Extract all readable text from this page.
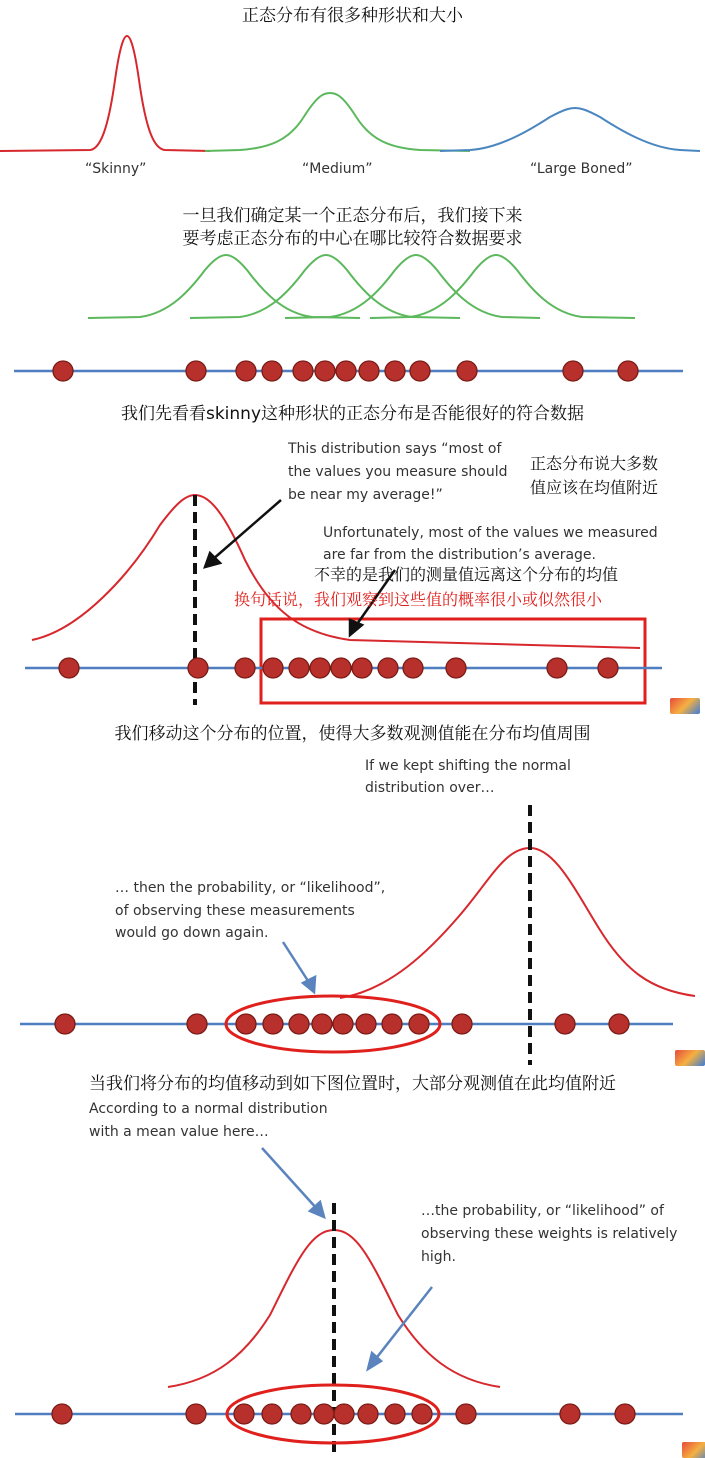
正态分布有很多种形状和大小
“Skinny”	“Medium”	“Large Boned”
一旦我们确定某一个正态分布后，我们接下来
要考虑正态分布的中心在哪比较符合数据要求
我们先看看skinny这种形状的正态分布是否能很好的符合数据
This distribution says “most of
the values you measure should
be near my average!”
正态分布说大多数
值应该在均值附近
Unfortunately, most of the values we measured
are far from the distribution’s average.
不幸的是我们的测量值远离这个分布的均值
换句话说，我们观察到这些值的概率很小或似然很小
我们移动这个分布的位置，使得大多数观测值能在分布均值周围
If we kept shifting the normal
distribution over…
… then the probability, or “likelihood”,
of observing these measurements
would go down again.
当我们将分布的均值移动到如下图位置时，大部分观测值在此均值附近
According to a normal distribution
with a mean value here…
…the probability, or “likelihood” of
observing these weights is relatively
high.
